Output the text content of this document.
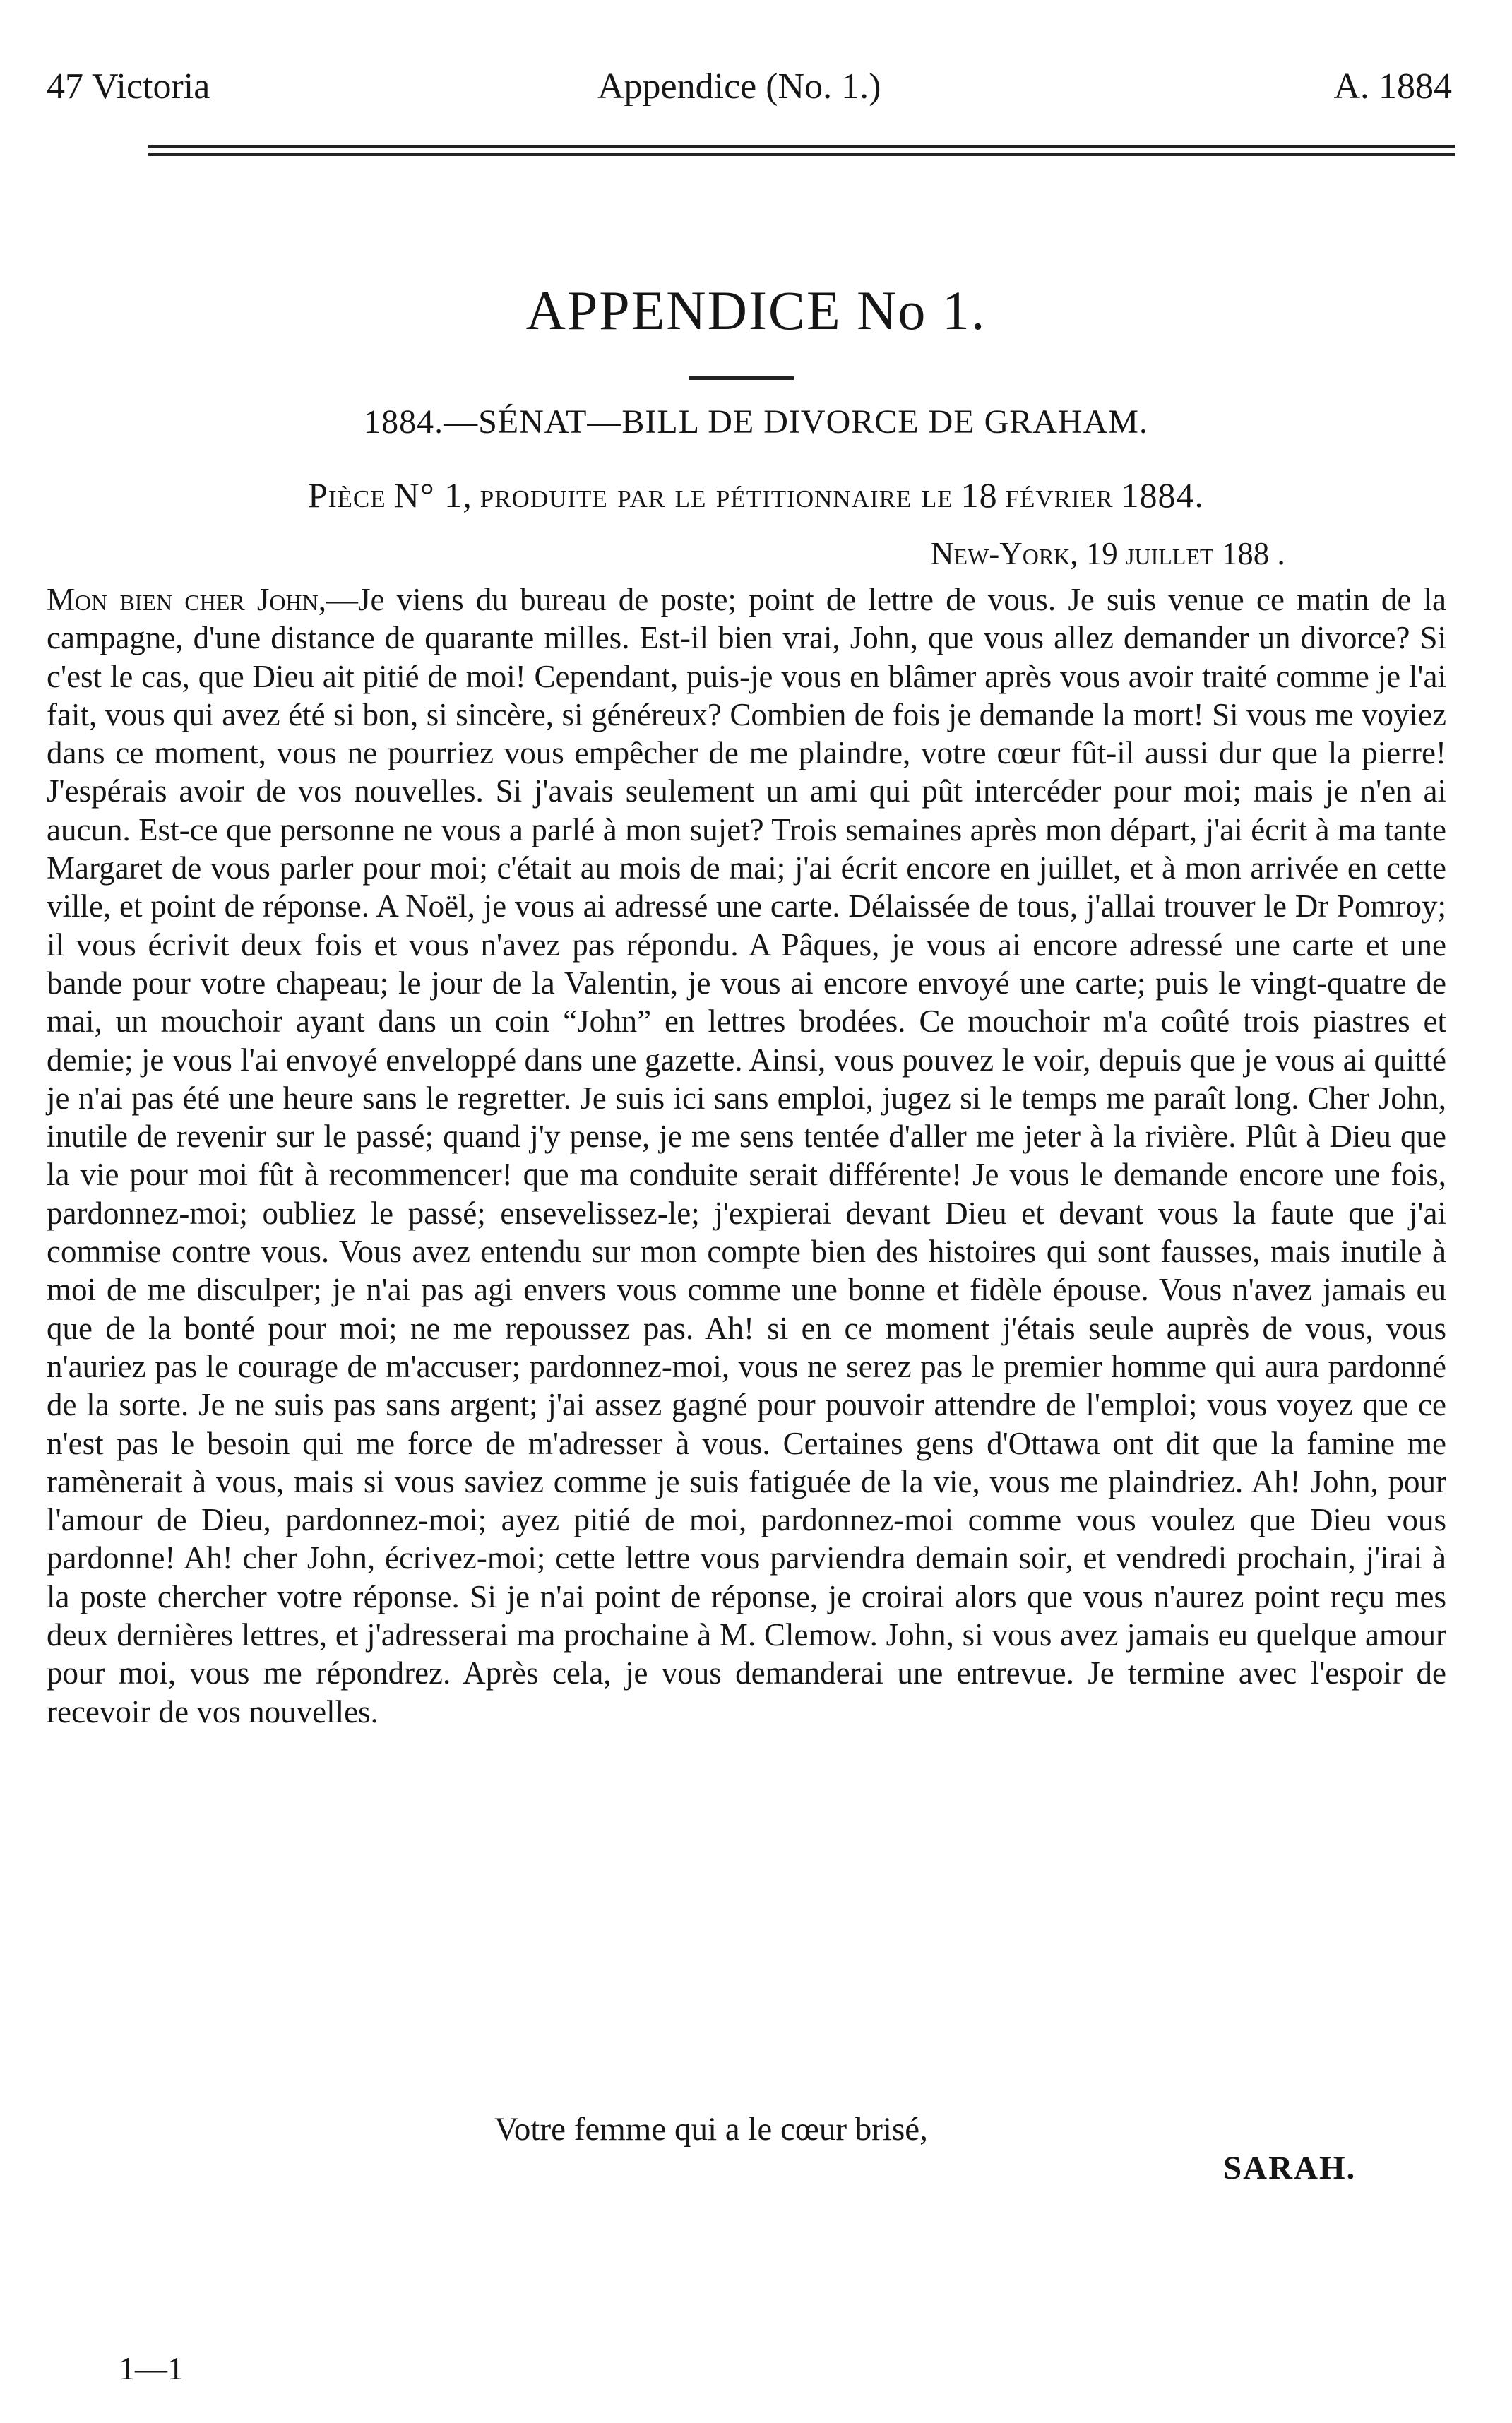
47 Victoria	Appendice (No. 1.)	A. 1884
APPENDICE No 1.
1884.—SÉNAT—BILL DE DIVORCE DE GRAHAM.
Pièce N° 1, produite par le pétitionnaire le 18 février 1884.
New-York, 19 juillet 188 .

Mon bien cher John,—Je viens du bureau de poste; point de lettre de vous. Je suis venue ce matin de la campagne, d'une distance de quarante milles. Est-il bien vrai, John, que vous allez demander un divorce? Si c'est le cas, que Dieu ait pitié de moi! Cependant, puis-je vous en blâmer après vous avoir traité comme je l'ai fait, vous qui avez été si bon, si sincère, si généreux? Combien de fois je demande la mort! Si vous me voyiez dans ce moment, vous ne pourriez vous empêcher de me plaindre, votre cœur fût-il aussi dur que la pierre! J'espérais avoir de vos nouvelles. Si j'avais seulement un ami qui pût intercéder pour moi; mais je n'en ai aucun. Est-ce que personne ne vous a parlé à mon sujet? Trois semaines après mon départ, j'ai écrit à ma tante Margaret de vous parler pour moi; c'était au mois de mai; j'ai écrit encore en juillet, et à mon arrivée en cette ville, et point de réponse. A Noël, je vous ai adressé une carte. Délaissée de tous, j'allai trouver le Dr Pomroy; il vous écrivit deux fois et vous n'avez pas répondu. A Pâques, je vous ai encore adressé une carte et une bande pour votre chapeau; le jour de la Valentin, je vous ai encore envoyé une carte; puis le vingt-quatre de mai, un mouchoir ayant dans un coin “John” en lettres brodées. Ce mouchoir m'a coûté trois piastres et demie; je vous l'ai envoyé enveloppé dans une gazette. Ainsi, vous pouvez le voir, depuis que je vous ai quitté je n'ai pas été une heure sans le regretter. Je suis ici sans emploi, jugez si le temps me paraît long. Cher John, inutile de revenir sur le passé; quand j'y pense, je me sens tentée d'aller me jeter à la rivière. Plût à Dieu que la vie pour moi fût à recommencer! que ma conduite serait différente! Je vous le demande encore une fois, pardonnez-moi; oubliez le passé; ensevelissez-le; j'expierai devant Dieu et devant vous la faute que j'ai commise contre vous. Vous avez entendu sur mon compte bien des histoires qui sont fausses, mais inutile à moi de me disculper; je n'ai pas agi envers vous comme une bonne et fidèle épouse. Vous n'avez jamais eu que de la bonté pour moi; ne me repoussez pas. Ah! si en ce moment j'étais seule auprès de vous, vous n'auriez pas le courage de m'accuser; pardonnez-moi, vous ne serez pas le premier homme qui aura pardonné de la sorte. Je ne suis pas sans argent; j'ai assez gagné pour pouvoir attendre de l'emploi; vous voyez que ce n'est pas le besoin qui me force de m'adresser à vous. Certaines gens d'Ottawa ont dit que la famine me ramènerait à vous, mais si vous saviez comme je suis fatiguée de la vie, vous me plaindriez. Ah! John, pour l'amour de Dieu, pardonnez-moi; ayez pitié de moi, pardonnez-moi comme vous voulez que Dieu vous pardonne! Ah! cher John, écrivez-moi; cette lettre vous parviendra demain soir, et vendredi prochain, j'irai à la poste chercher votre réponse. Si je n'ai point de réponse, je croirai alors que vous n'aurez point reçu mes deux dernières lettres, et j'adresserai ma prochaine à M. Clemow. John, si vous avez jamais eu quelque amour pour moi, vous me répondrez. Après cela, je vous demanderai une entrevue. Je termine avec l'espoir de recevoir de vos nouvelles.

Votre femme qui a le cœur brisé,
SARAH.
1—1
